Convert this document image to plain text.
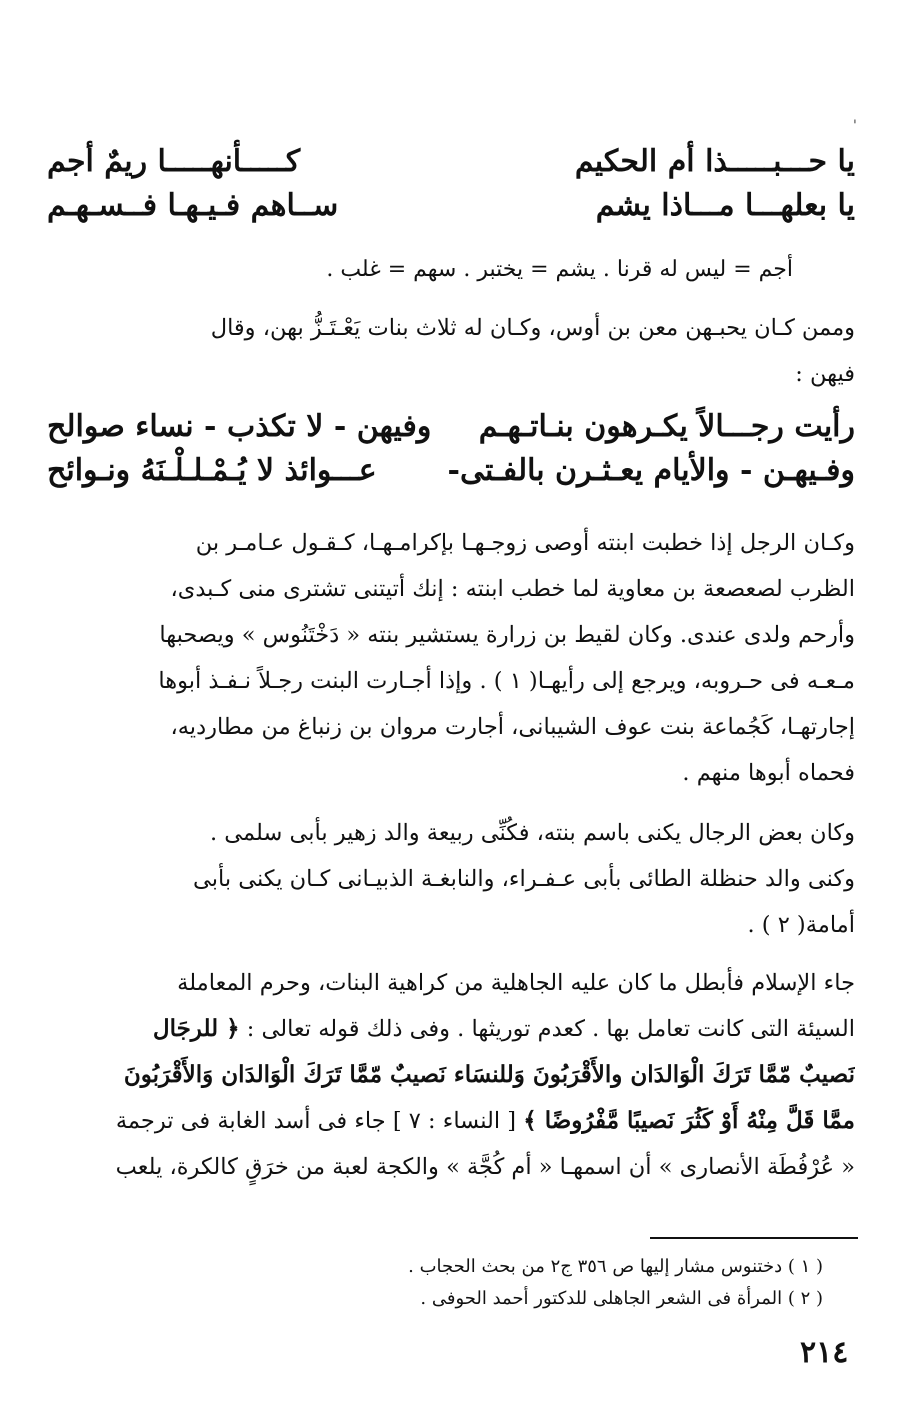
'
يا حـــبـــــذا أم الحكيم
كـــــأنهـــــا ريمٌ أجم
يا بعلهـــا مـــاذا يشم
ســاهم فـيـهـا فــسـهـم
أجم = ليس له قرنا . يشم = يختبر . سهم = غلب .

وممن كـان يحبـهن معن بن أوس، وكـان له ثلاث بنات يَعْـتَـزُّ بهن، وقال
فيهن :

رأيت رجـــالاً يكـرهون بنـاتـهـم
وفيهن - لا تكذب - نساء صوالح
وفـيهـن - والأيام يعـثـرن بالفـتى-
عـــوائذ لا يُـمْـلـلْـنَهُ ونـوائح

وكـان الرجل إذا خطبت ابنته أوصى زوجـهـا بإكرامـهـا، كـقـول عـامـر بن
الظرب لصعصعة بن معاوية لما خطب ابنته : إنك أتيتنى تشترى منى كـبدى،
وأرحم ولدى عندى. وكان لقيط بن زرارة يستشير بنته « دَخْتَنُوس » ويصحبها
مـعـه فى حـروبه، ويرجع إلى رأيهـا( ١ ) . وإذا أجـارت البنت رجـلاً نـفـذ أبوها
إجارتهـا، كَجُماعة بنت عوف الشيبانى، أجارت مروان بن زنباغ من مطارديه،
فحماه أبوها منهم .

وكان بعض الرجال يكنى باسم بنته، فكُنِّى ربيعة والد زهير بأبى سلمى .
وكنى والد حنظلة الطائى بأبى عـفـراء، والنابغـة الذبيـانى كـان يكنى بأبى
أمامة( ٢ ) .

جاء الإسلام فأبطل ما كان عليه الجاهلية من كراهية البنات، وحرم المعاملة
السيئة التى كانت تعامل بها . كعدم توريثها . وفى ذلك قوله تعالى : ﴿ للرجَال
نَصيبٌ مّمَّا تَرَكَ الْوَالدَان والأَقْرَبُونَ وَللنسَاء نَصيبٌ مّمَّا تَرَكَ الْوَالدَان وَالأَقْرَبُونَ
ممَّا قَلَّ مِنْهُ أَوْ كَثُرَ نَصيبًا مَّفْرُوضًا ﴾ [ النساء : ٧ ] جاء فى أسد الغابة فى ترجمة
« عُرْفُطَة الأنصارى » أن اسمهـا « أم كُجَّة » والكجة لعبة من خرَقٍ كالكرة، يلعب

( ١ ) دختنوس مشار إليها ص ٣٥٦ ج٢ من بحث الحجاب .
( ٢ ) المرأة فى الشعر الجاهلى للدكتور أحمد الحوفى .
٢١٤
